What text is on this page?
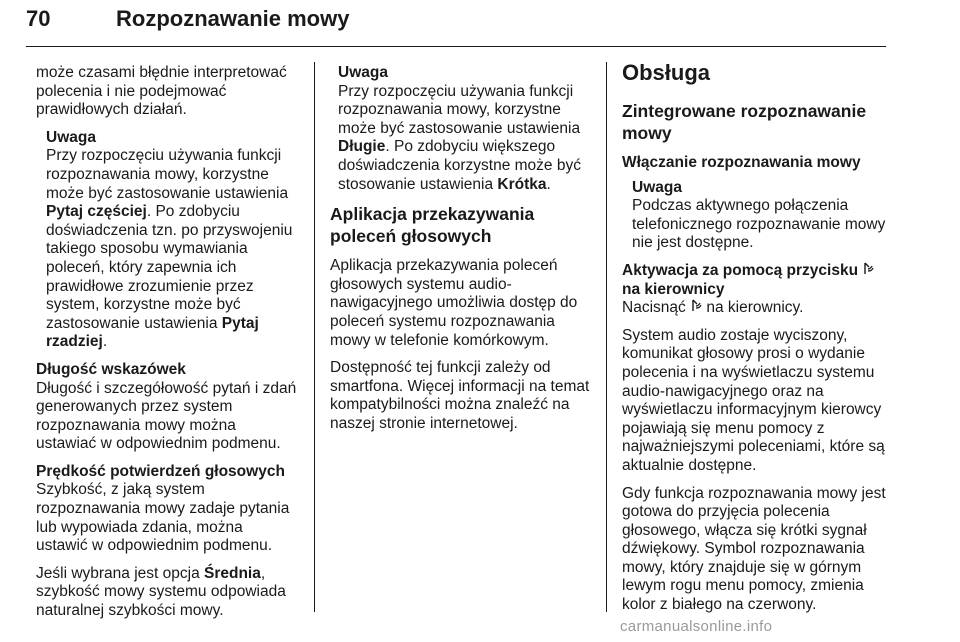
70	Rozpoznawanie mowy

może czasami błędnie interpretować polecenia i nie podejmować prawidłowych działań.

Uwaga
Przy rozpoczęciu używania funkcji rozpoznawania mowy, korzystne może być zastosowanie ustawienia Pytaj częściej. Po zdobyciu doświadczenia tzn. po przyswojeniu takiego sposobu wymawiania poleceń, który zapewnia ich prawidłowe zrozumienie przez system, korzystne może być zastosowanie ustawienia Pytaj rzadziej.
Długość wskazówek

Długość i szczegółowość pytań i zdań generowanych przez system rozpoznawania mowy można ustawiać w odpowiednim podmenu.

Prędkość potwierdzeń głosowych

Szybkość, z jaką system rozpoznawania mowy zadaje pytania lub wypowiada zdania, można ustawić w odpowiednim podmenu.

Jeśli wybrana jest opcja Średnia, szybkość mowy systemu odpowiada naturalnej szybkości mowy.

Uwaga
Przy rozpoczęciu używania funkcji rozpoznawania mowy, korzystne może być zastosowanie ustawienia Długie. Po zdobyciu większego doświadczenia korzystne może być stosowanie ustawienia Krótka.
Aplikacja przekazywania poleceń głosowych

Aplikacja przekazywania poleceń głosowych systemu audio-nawigacyjnego umożliwia dostęp do poleceń systemu rozpoznawania mowy w telefonie komórkowym.

Dostępność tej funkcji zależy od smartfona. Więcej informacji na temat kompatybilności można znaleźć na naszej stronie internetowej.

Obsługa
Zintegrowane rozpoznawanie mowy
Włączanie rozpoznawania mowy
Uwaga
Podczas aktywnego połączenia telefonicznego rozpoznawanie mowy nie jest dostępne.
Aktywacja za pomocą przycisku  na kierownicy

Nacisnąć  na kierownicy.

System audio zostaje wyciszony, komunikat głosowy prosi o wydanie polecenia i na wyświetlaczu systemu audio-nawigacyjnego oraz na wyświetlaczu informacyjnym kierowcy pojawiają się menu pomocy z najważniejszymi poleceniami, które są aktualnie dostępne.

Gdy funkcja rozpoznawania mowy jest gotowa do przyjęcia polecenia głosowego, włącza się krótki sygnał dźwiękowy. Symbol rozpoznawania mowy, który znajduje się w górnym lewym rogu menu pomocy, zmienia kolor z białego na czerwony.

carmanualsonline.info
